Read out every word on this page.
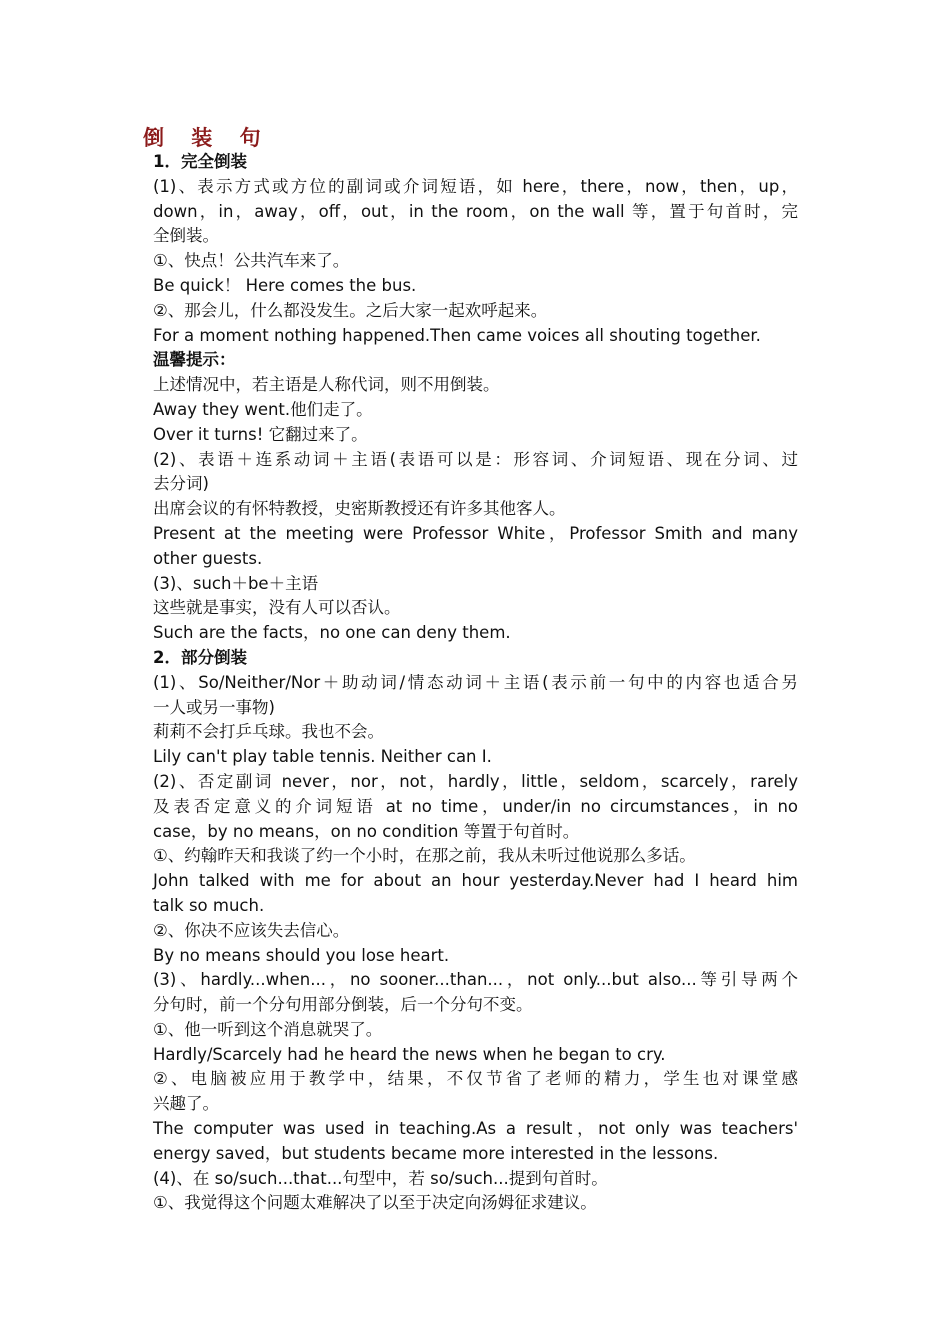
倒 装 句
1．完全倒装
(1)、表示方式或方位的副词或介词短语，如 here，there，now，then，up，
down，in，away，off，out，in the room，on the wall 等，置于句首时，完
全倒装。
①、快点！公共汽车来了。
Be quick！ Here comes the bus.
②、那会儿，什么都没发生。之后大家一起欢呼起来。
For a moment nothing happened.Then came voices all shouting together.
温馨提示：
上述情况中，若主语是人称代词，则不用倒装。
Away they went.他们走了。
Over it turns! 它翻过来了。
(2)、表语＋连系动词＋主语(表语可以是：形容词、介词短语、现在分词、过
去分词)
出席会议的有怀特教授，史密斯教授还有许多其他客人。
Present at the meeting were Professor White，Professor Smith and many
other guests.
(3)、such＋be＋主语
这些就是事实，没有人可以否认。
Such are the facts，no one can deny them.
2．部分倒装
(1)、So/Neither/Nor＋助动词/情态动词＋主语(表示前一句中的内容也适合另
一人或另一事物)
莉莉不会打乒乓球。我也不会。
Lily can't play table tennis. Neither can I.
(2)、否定副词 never，nor，not，hardly，little，seldom，scarcely，rarely
及表否定意义的介词短语 at no time，under/in no circumstances，in no
case，by no means，on no condition 等置于句首时。
①、约翰昨天和我谈了约一个小时，在那之前，我从未听过他说那么多话。
John talked with me for about an hour yesterday.Never had I heard him
talk so much.
②、你决不应该失去信心。
By no means should you lose heart.
(3)、hardly...when...，no sooner...than...，not only...but also...等引导两个
分句时，前一个分句用部分倒装，后一个分句不变。
①、他一听到这个消息就哭了。
Hardly/Scarcely had he heard the news when he began to cry.
②、电脑被应用于教学中，结果，不仅节省了老师的精力，学生也对课堂感
兴趣了。
The computer was used in teaching.As a result，not only was teachers'
energy saved，but students became more interested in the lessons.
(4)、在 so/such...that...句型中，若 so/such...提到句首时。
①、我觉得这个问题太难解决了以至于决定向汤姆征求建议。
